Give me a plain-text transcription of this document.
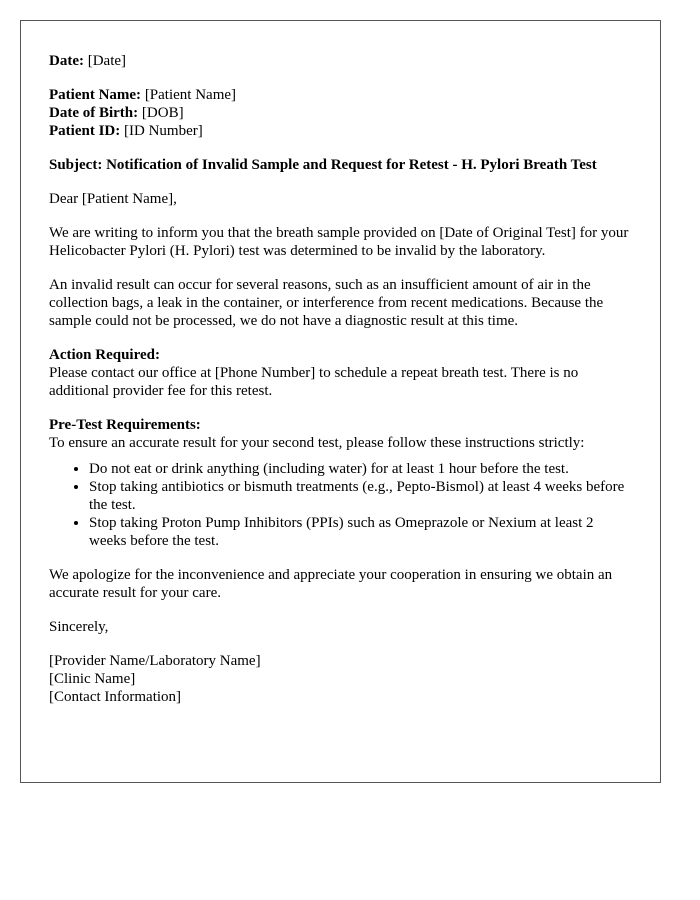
Date: [Date]

Patient Name: [Patient Name]

Date of Birth: [DOB]

Patient ID: [ID Number]

Subject: Notification of Invalid Sample and Request for Retest - H. Pylori Breath Test

Dear [Patient Name],

We are writing to inform you that the breath sample provided on [Date of Original Test] for your Helicobacter Pylori (H. Pylori) test was determined to be invalid by the laboratory.

An invalid result can occur for several reasons, such as an insufficient amount of air in the collection bags, a leak in the container, or interference from recent medications. Because the sample could not be processed, we do not have a diagnostic result at this time.

Action Required:
Please contact our office at [Phone Number] to schedule a repeat breath test. There is no additional provider fee for this retest.

Pre-Test Requirements:
To ensure an accurate result for your second test, please follow these instructions strictly:

• Do not eat or drink anything (including water) for at least 1 hour before the test.
• Stop taking antibiotics or bismuth treatments (e.g., Pepto-Bismol) at least 4 weeks before the test.
• Stop taking Proton Pump Inhibitors (PPIs) such as Omeprazole or Nexium at least 2 weeks before the test.

We apologize for the inconvenience and appreciate your cooperation in ensuring we obtain an accurate result for your care.

Sincerely,

[Provider Name/Laboratory Name]

[Clinic Name]

[Contact Information]
